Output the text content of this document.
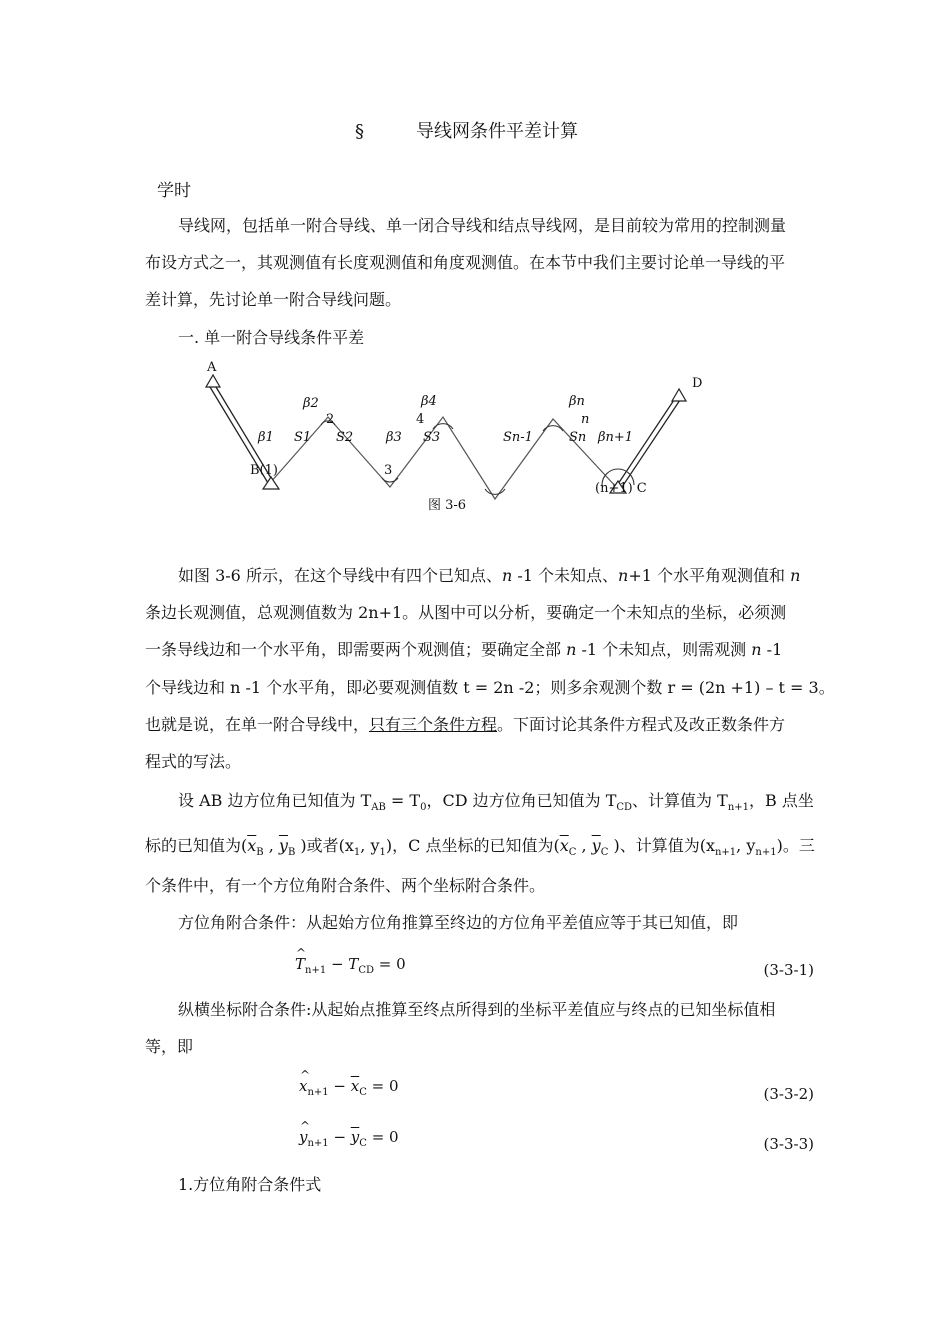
§	导线网条件平差计算
学时
导线网，包括单一附合导线、单一闭合导线和结点导线网，是目前较为常用的控制测量
布设方式之一，其观测值有长度观测值和角度观测值。在本节中我们主要讨论单一导线的平
差计算，先讨论单一附合导线问题。
一. 单一附合导线条件平差
A
D
B(1)
(n+1) C
β1
β2
β3
β4	βn
βn+1
S1 S2	S3	Sn-1	Sn
2
3
4	n
图 3-6
如图 3-6 所示，在这个导线中有四个已知点、n -1 个未知点、n+1 个水平角观测值和 n
条边长观测值，总观测值数为 2n+1。从图中可以分析，要确定一个未知点的坐标，必须测
一条导线边和一个水平角，即需要两个观测值；要确定全部 n -1 个未知点，则需观测 n -1
个导线边和 n -1 个水平角，即必要观测值数 t = 2n -2；则多余观测个数 r = (2n +1) – t = 3。
也就是说，在单一附合导线中，只有三个条件方程。下面讨论其条件方程式及改正数条件方
程式的写法。
设 AB 边方位角已知值为 $T_{AB} = T_0$，CD 边方位角已知值为 $T_{CD}$、计算值为 $T_{n+1}$，B 点坐
标的已知值为($\overline{x}_B$ , $\overline{y}_B$ )或者($x_1$, $y_1$)，C 点坐标的已知值为($\overline{x}_C$ , $\overline{y}_C$ )、计算值为($x_{n+1}$, $y_{n+1}$)。三
个条件中，有一个方位角附合条件、两个坐标附合条件。
方位角附合条件：从起始方位角推算至终边的方位角平差值应等于其已知值，即
^ $T_{n+1} - T_{CD} = 0$	(3-3-1)
纵横坐标附合条件:从起始点推算至终点所得到的坐标平差值应与终点的已知坐标值相
等，即
^ $x_{n+1} - \overline{x}_C = 0$	(3-3-2)
^ $y_{n+1} - \overline{y}_C = 0$	(3-3-3)
1.方位角附合条件式
